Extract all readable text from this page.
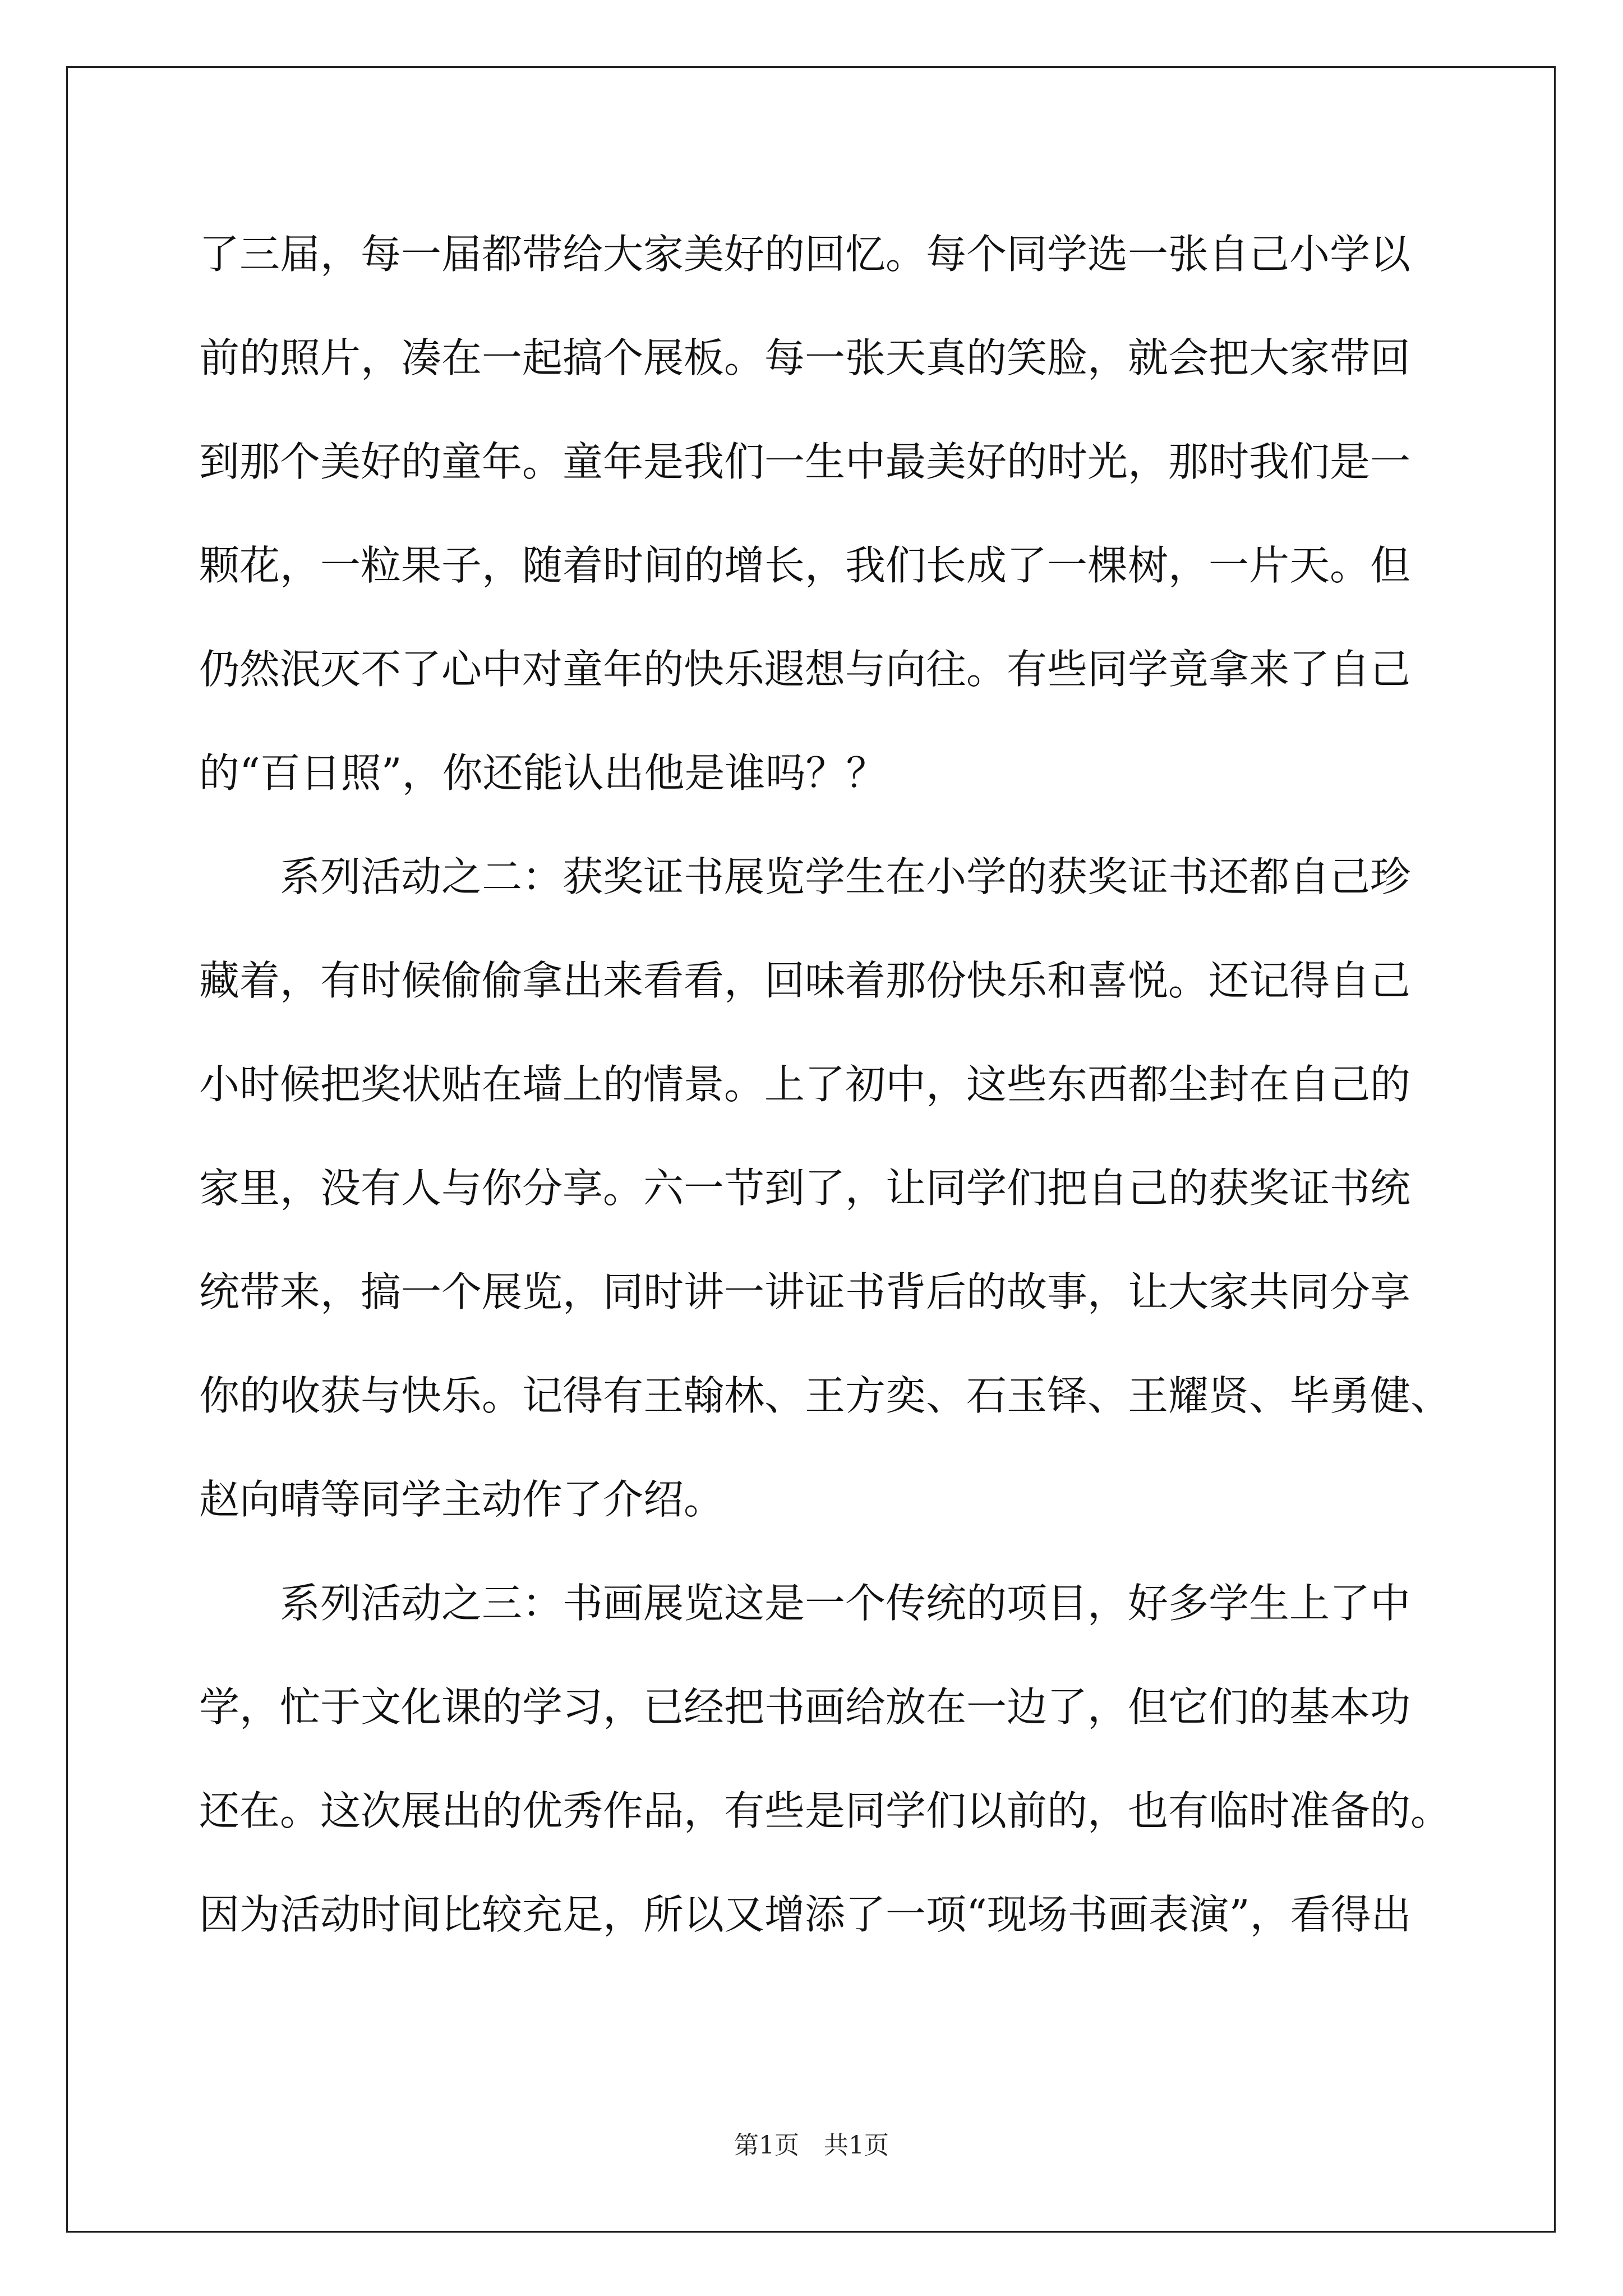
了三届，每一届都带给大家美好的回忆。每个同学选一张自己小学以
前的照片，凑在一起搞个展板。每一张天真的笑脸，就会把大家带回
到那个美好的童年。童年是我们一生中最美好的时光，那时我们是一
颗花，一粒果子，随着时间的增长，我们长成了一棵树，一片天。但
仍然泯灭不了心中对童年的快乐遐想与向往。有些同学竟拿来了自己
的“百日照”，你还能认出他是谁吗？？
系列活动之二：获奖证书展览学生在小学的获奖证书还都自己珍
藏着，有时候偷偷拿出来看看，回味着那份快乐和喜悦。还记得自己
小时候把奖状贴在墙上的情景。上了初中，这些东西都尘封在自己的
家里，没有人与你分享。六一节到了，让同学们把自己的获奖证书统
统带来，搞一个展览，同时讲一讲证书背后的故事，让大家共同分享
你的收获与快乐。记得有王翰林、王方奕、石玉铎、王耀贤、毕勇健、
赵向晴等同学主动作了介绍。
系列活动之三：书画展览这是一个传统的项目，好多学生上了中
学，忙于文化课的学习，已经把书画给放在一边了，但它们的基本功
还在。这次展出的优秀作品，有些是同学们以前的，也有临时准备的。
因为活动时间比较充足，所以又增添了一项“现场书画表演”，看得出
第1页　共1页
